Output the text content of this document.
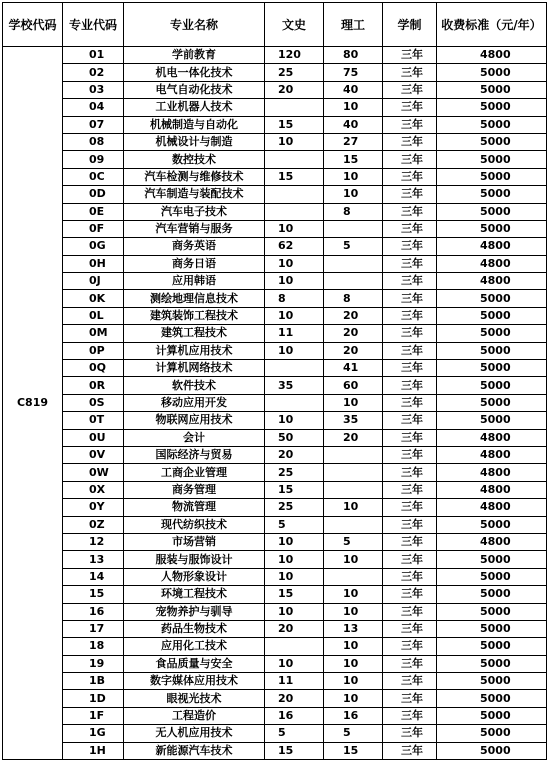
学校代码	专业代码	专业名称	文史	理工	学制	收费标准（元/年）
C819	01	学前教育	120	80	三年	4800
	02	机电一体化技术	25	75	三年	5000
	03	电气自动化技术	20	40	三年	5000
	04	工业机器人技术		10	三年	5000
	07	机械制造与自动化	15	40	三年	5000
	08	机械设计与制造	10	27	三年	5000
	09	数控技术		15	三年	5000
	0C	汽车检测与维修技术	15	10	三年	5000
	0D	汽车制造与装配技术		10	三年	5000
	0E	汽车电子技术		8	三年	5000
	0F	汽车营销与服务	10		三年	5000
	0G	商务英语	62	5	三年	4800
	0H	商务日语	10		三年	4800
	0J	应用韩语	10		三年	4800
	0K	测绘地理信息技术	8	8	三年	5000
	0L	建筑装饰工程技术	10	20	三年	5000
	0M	建筑工程技术	11	20	三年	5000
	0P	计算机应用技术	10	20	三年	5000
	0Q	计算机网络技术		41	三年	5000
	0R	软件技术	35	60	三年	5000
	0S	移动应用开发		10	三年	5000
	0T	物联网应用技术	10	35	三年	5000
	0U	会计	50	20	三年	4800
	0V	国际经济与贸易	20		三年	4800
	0W	工商企业管理	25		三年	4800
	0X	商务管理	15		三年	4800
	0Y	物流管理	25	10	三年	4800
	0Z	现代纺织技术	5		三年	5000
	12	市场营销	10	5	三年	4800
	13	服装与服饰设计	10	10	三年	5000
	14	人物形象设计	10		三年	5000
	15	环境工程技术	15	10	三年	5000
	16	宠物养护与驯导	10	10	三年	5000
	17	药品生物技术	20	13	三年	5000
	18	应用化工技术		10	三年	5000
	19	食品质量与安全	10	10	三年	5000
	1B	数字媒体应用技术	11	10	三年	5000
	1D	眼视光技术	20	10	三年	5000
	1F	工程造价	16	16	三年	5000
	1G	无人机应用技术	5	5	三年	5000
	1H	新能源汽车技术	15	15	三年	5000
